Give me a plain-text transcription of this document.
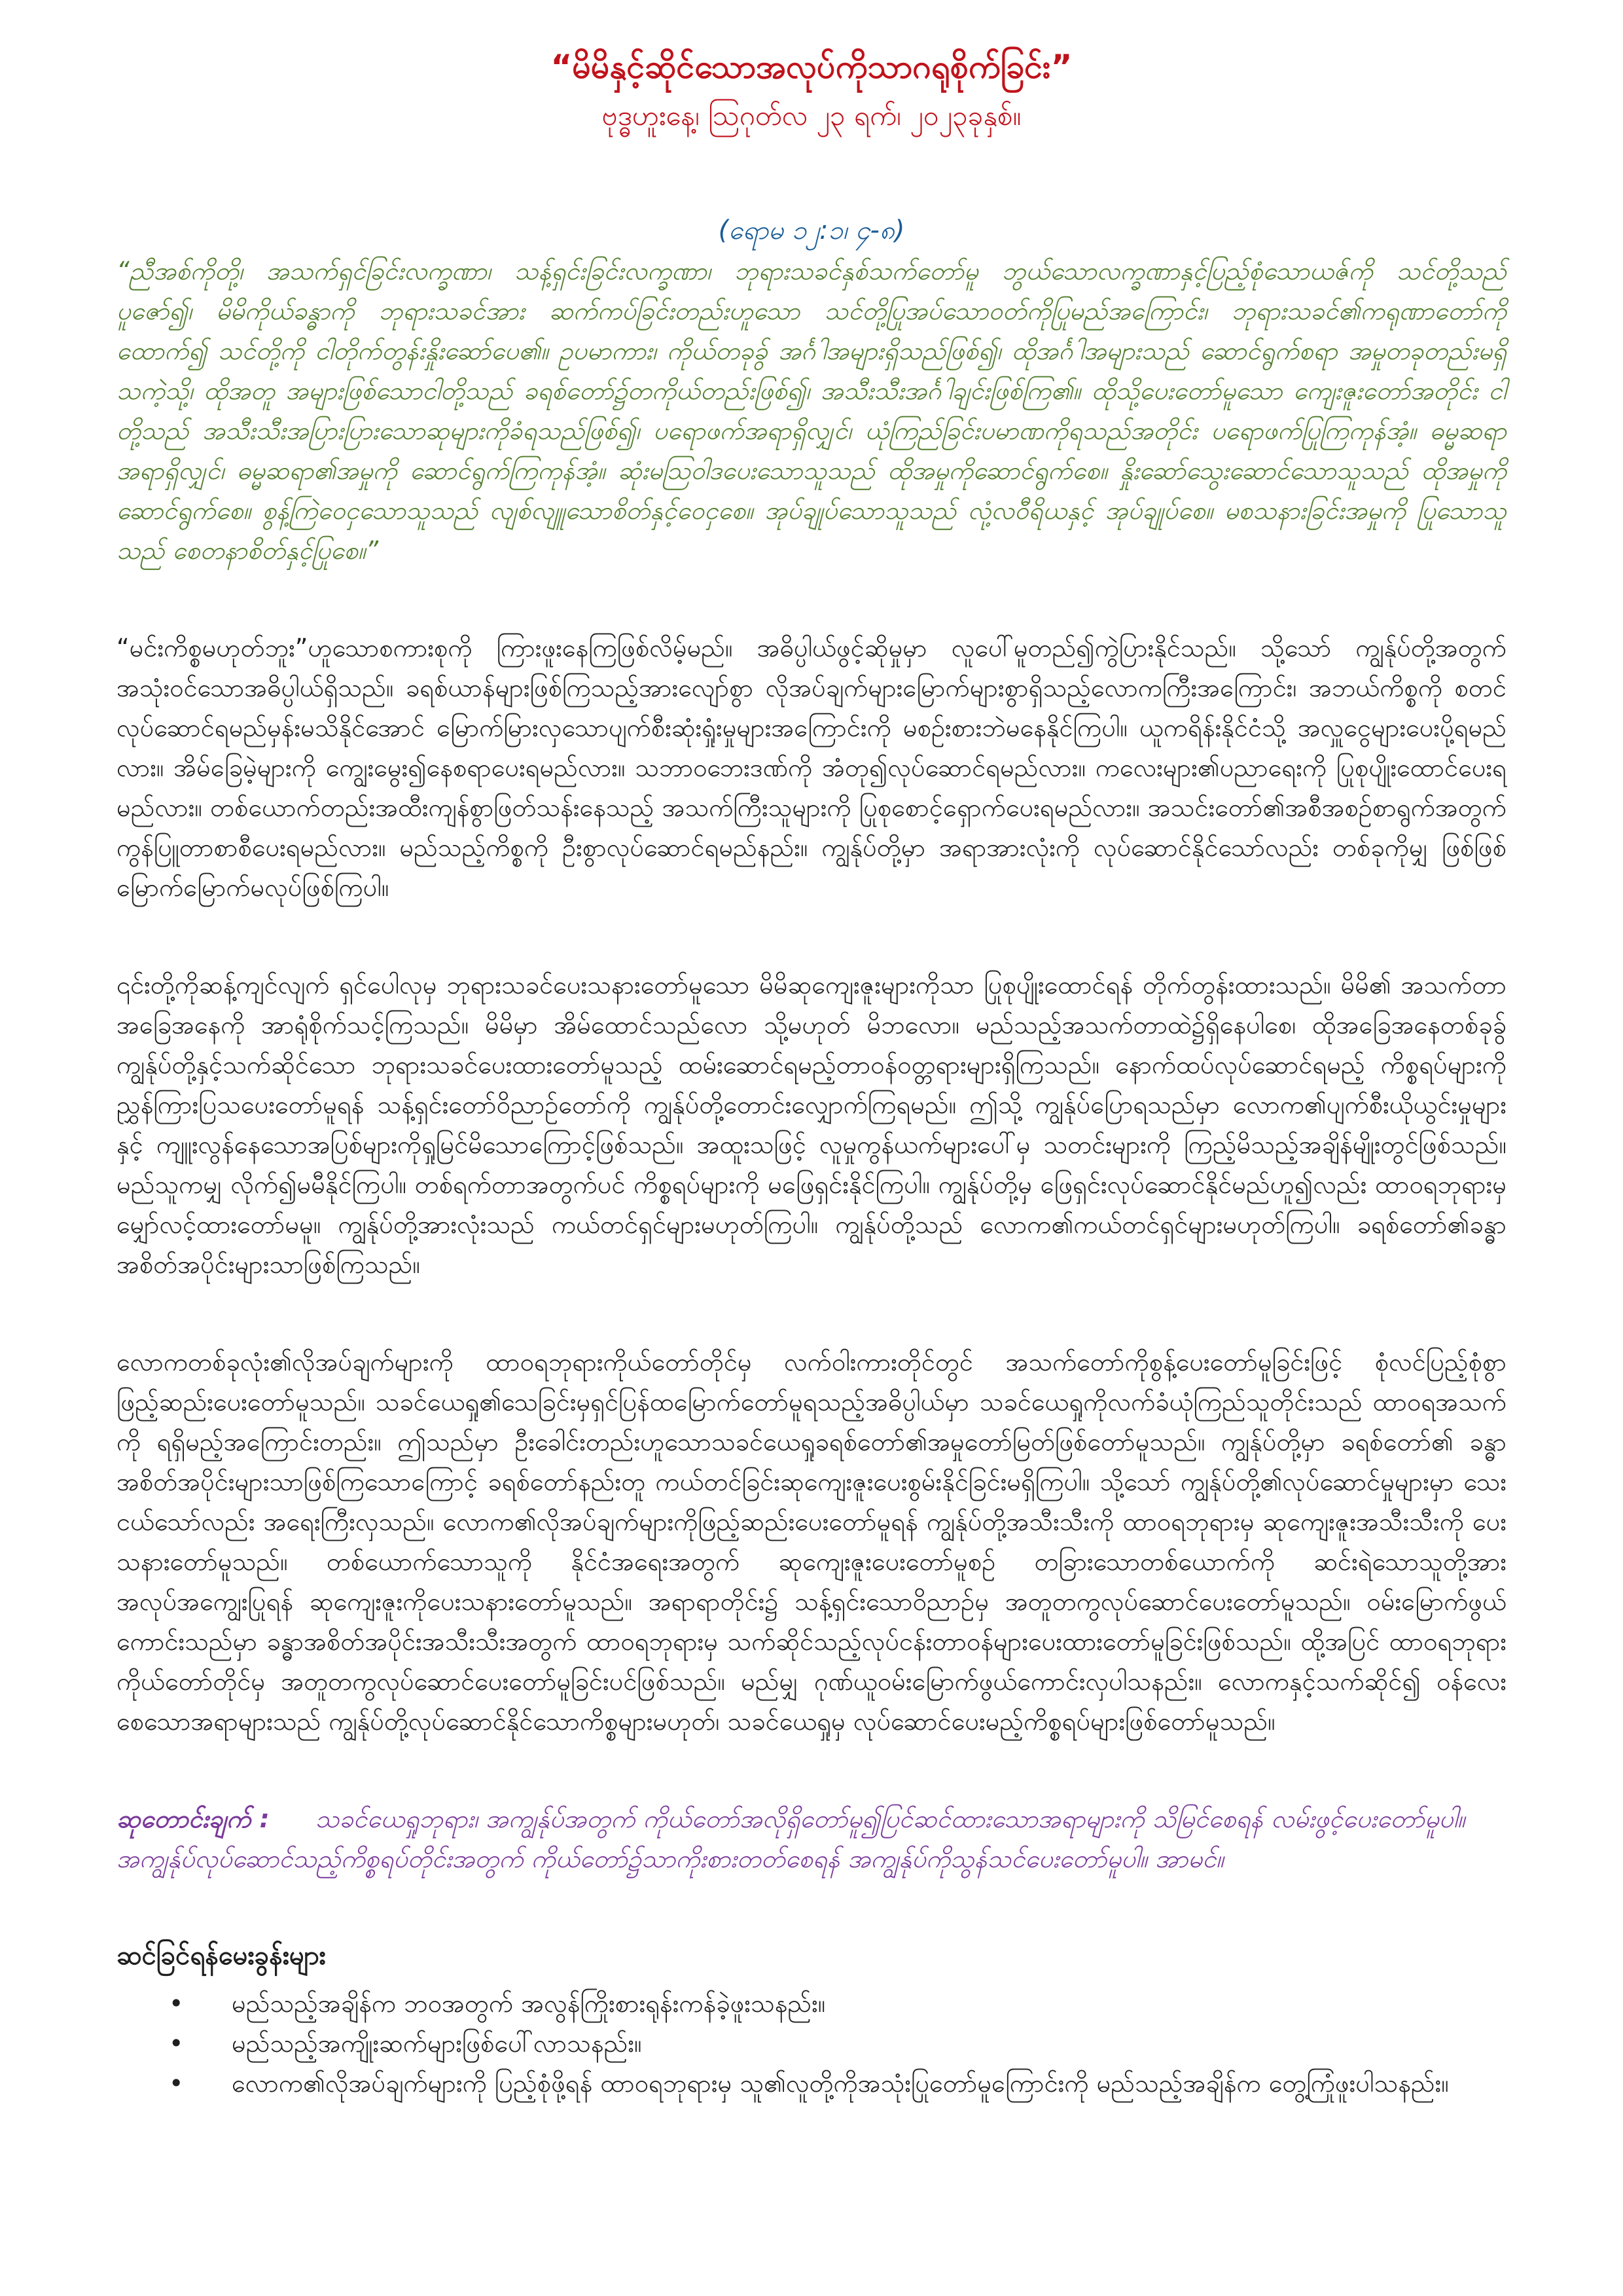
“မိမိနှင့်ဆိုင်သောအလုပ်ကိုသာဂရုစိုက်ခြင်း”

ဗုဒ္ဓဟူးနေ့၊ ဩဂုတ်လ ၂၃ ရက်၊ ၂၀၂၃ခုနှစ်။

(ရောမ ၁၂:၁၊ ၄-၈)

“ညီအစ်ကိုတို့၊ အသက်ရှင်ခြင်းလက္ခဏာ၊ သန့်ရှင်းခြင်းလက္ခဏာ၊ ဘုရားသခင်နှစ်သက်တော်မူ ဘွယ်သောလက္ခဏာနှင့်ပြည့်စုံသောယဇ်ကို သင်တို့သည် ပူဇော်၍၊ မိမိကိုယ်ခန္ဓာကို ဘုရားသခင်အား ဆက်ကပ်ခြင်းတည်းဟူသော သင်တို့ပြုအပ်သောဝတ်ကိုပြုမည်အကြောင်း၊ ဘုရားသခင်၏ကရုဏာတော်ကိုထောက်၍ သင်တို့ကို ငါတိုက်တွန်းနှိုးဆော်ပေ၏။ ဥပမာကား၊ ကိုယ်တခုခွ် အင်္ဂါအများရှိသည်ဖြစ်၍၊ ထိုအင်္ဂါအများသည် ဆောင်ရွက်စရာ အမှုတခုတည်းမရှိသကဲ့သို့၊ ထိုအတူ အများဖြစ်သောငါတို့သည် ခရစ်တော်၌တကိုယ်တည်းဖြစ်၍၊ အသီးသီးအင်္ဂါချင်းဖြစ်ကြ၏။ ထိုသို့ပေးတော်မူသော ကျေးဇူးတော်အတိုင်း ငါတို့သည် အသီးသီးအပြားပြားသောဆုများကိုခံရသည်ဖြစ်၍၊ ပရောဖက်အရာရှိလျှင်၊ ယုံကြည်ခြင်းပမာဏကိုရသည်အတိုင်း ပရောဖက်ပြုကြကုန်အံ့။ ဓမ္မဆရာအရာရှိလျှင်၊ ဓမ္မဆရာ၏အမှုကို ဆောင်ရွက်ကြကုန်အံ့။ ဆုံးမဩဝါဒပေးသောသူသည် ထိုအမှုကိုဆောင်ရွက်စေ။ နှိုးဆော်သွေးဆောင်သောသူသည် ထိုအမှုကို ဆောင်ရွက်စေ။ စွန့်ကြဲဝေငှသောသူသည် လျစ်လျူသောစိတ်နှင့်ဝေငှစေ။ အုပ်ချုပ်သောသူသည် လုံ့လဝီရိယနှင့် အုပ်ချုပ်စေ။ မစသနားခြင်းအမှုကို ပြုသောသူသည် စေတနာစိတ်နှင့်ပြုစေ။”

“မင်းကိစ္စမဟုတ်ဘူး”ဟူသောစကားစုကို ကြားဖူးနေကြဖြစ်လိမ့်မည်။ အဓိပ္ပါယ်ဖွင့်ဆိုမှုမှာ လူပေါ်မူတည်၍ကွဲပြားနိုင်သည်။ သို့သော် ကျွန်ုပ်တို့အတွက် အသုံးဝင်သောအဓိပ္ပါယ်ရှိသည်။ ခရစ်ယာန်များဖြစ်ကြသည့်အားလျော်စွာ လိုအပ်ချက်များမြောက်များစွာရှိသည့်လောကကြီးအကြောင်း၊ အဘယ်ကိစ္စကို စတင်လုပ်ဆောင်ရမည်မှန်းမသိနိုင်အောင် မြောက်မြားလှသောပျက်စီးဆုံးရှုံးမှုများအကြောင်းကို မစဉ်းစားဘဲမနေနိုင်ကြပါ။ ယူကရိန်းနိုင်ငံသို့ အလှူငွေများပေးပို့ရမည်လား။ အိမ်ခြေမဲ့များကို ကျွေးမွေး၍နေစရာပေးရမည်လား။ သဘာဝဘေးဒဏ်ကို အံတု၍လုပ်ဆောင်ရမည်လား။ ကလေးများ၏ပညာရေးကို ပြုစုပျိုးထောင်ပေးရမည်လား။ တစ်ယောက်တည်းအထီးကျန်စွာဖြတ်သန်းနေသည့် အသက်ကြီးသူများကို ပြုစုစောင့်ရှောက်ပေးရမည်လား။ အသင်းတော်၏အစီအစဉ်စာရွက်အတွက် ကွန်ပြူတာစာစီပေးရမည်လား။ မည်သည့်ကိစ္စကို ဦးစွာလုပ်ဆောင်ရမည်နည်း။ ကျွန်ုပ်တို့မှာ အရာအားလုံးကို လုပ်ဆောင်နိုင်သော်လည်း တစ်ခုကိုမျှ ဖြစ်ဖြစ်မြောက်မြောက်မလုပ်ဖြစ်ကြပါ။

၎င်းတို့ကိုဆန့်ကျင်လျက် ရှင်ပေါလုမှ ဘုရားသခင်ပေးသနားတော်မူသော မိမိဆုကျေးဇူးများကိုသာ ပြုစုပျိုးထောင်ရန် တိုက်တွန်းထားသည်။ မိမိ၏ အသက်တာအခြေအနေကို အာရုံစိုက်သင့်ကြသည်။ မိမိမှာ အိမ်ထောင်သည်လော သို့မဟုတ် မိဘလော။ မည်သည့်အသက်တာထဲ၌ရှိနေပါစေ၊ ထိုအခြေအနေတစ်ခုခွ် ကျွန်ုပ်တို့နှင့်သက်ဆိုင်သော ဘုရားသခင်ပေးထားတော်မူသည့် ထမ်းဆောင်ရမည့်တာဝန်ဝတ္တရားများရှိကြသည်။ နောက်ထပ်လုပ်ဆောင်ရမည့် ကိစ္စရပ်များကို ညွှန်ကြားပြသပေးတော်မူရန် သန့်ရှင်းတော်ဝိညာဉ်တော်ကို ကျွန်ုပ်တို့တောင်းလျှောက်ကြရမည်။ ဤသို့ ကျွန်ုပ်ပြောရသည်မှာ လောက၏ပျက်စီးယိုယွင်းမှုများနှင့် ကျူးလွန်နေသောအပြစ်များကိုရှုမြင်မိသောကြောင့်ဖြစ်သည်။ အထူးသဖြင့် လူမှုကွန်ယက်များပေါ်မှ သတင်းများကို ကြည့်မိသည့်အချိန်မျိုးတွင်ဖြစ်သည်။ မည်သူကမျှ လိုက်၍မမီနိုင်ကြပါ။ တစ်ရက်တာအတွက်ပင် ကိစ္စရပ်များကို မဖြေရှင်းနိုင်ကြပါ။ ကျွန်ုပ်တို့မှ ဖြေရှင်းလုပ်ဆောင်နိုင်မည်ဟူ၍လည်း ထာဝရဘုရားမှမျှော်လင့်ထားတော်မမူ။ ကျွန်ုပ်တို့အားလုံးသည် ကယ်တင်ရှင်များမဟုတ်ကြပါ။ ကျွန်ုပ်တို့သည် လောက၏ကယ်တင်ရှင်များမဟုတ်ကြပါ။ ခရစ်တော်၏ခန္ဓာအစိတ်အပိုင်းများသာဖြစ်ကြသည်။

လောကတစ်ခုလုံး၏လိုအပ်ချက်များကို ထာဝရဘုရားကိုယ်တော်တိုင်မှ လက်ဝါးကားတိုင်တွင် အသက်တော်ကိုစွန့်ပေးတော်မူခြင်းဖြင့် စုံလင်ပြည့်စုံစွာ ဖြည့်ဆည်းပေးတော်မူသည်။ သခင်ယေရှု၏သေခြင်းမှရှင်ပြန်ထမြောက်တော်မူရသည့်အဓိပ္ပါယ်မှာ သခင်ယေရှုကိုလက်ခံယုံကြည်သူတိုင်းသည် ထာဝရအသက်ကို ရရှိမည့်အကြောင်းတည်း။ ဤသည်မှာ ဦးခေါင်းတည်းဟူသောသခင်ယေရှုခရစ်တော်၏အမှုတော်မြတ်ဖြစ်တော်မူသည်။ ကျွန်ုပ်တို့မှာ ခရစ်တော်၏ ခန္ဓာအစိတ်အပိုင်းများသာဖြစ်ကြသောကြောင့် ခရစ်တော်နည်းတူ ကယ်တင်ခြင်းဆုကျေးဇူးပေးစွမ်းနိုင်ခြင်းမရှိကြပါ။ သို့သော် ကျွန်ုပ်တို့၏လုပ်ဆောင်မှုများမှာ သေးငယ်သော်လည်း အရေးကြီးလှသည်။ လောက၏လိုအပ်ချက်များကိုဖြည့်ဆည်းပေးတော်မူရန် ကျွန်ုပ်တို့အသီးသီးကို ထာဝရဘုရားမှ ဆုကျေးဇူးအသီးသီးကို ပေးသနားတော်မူသည်။ တစ်ယောက်သောသူကို နိုင်ငံအရေးအတွက် ဆုကျေးဇူးပေးတော်မူစဉ် တခြားသောတစ်ယောက်ကို ဆင်းရဲသောသူတို့အား အလုပ်အကျွေးပြုရန် ဆုကျေးဇူးကိုပေးသနားတော်မူသည်။ အရာရာတိုင်း၌ သန့်ရှင်းသောဝိညာဉ်မှ အတူတကွလုပ်ဆောင်ပေးတော်မူသည်။ ဝမ်းမြောက်ဖွယ်ကောင်းသည်မှာ ခန္ဓာအစိတ်အပိုင်းအသီးသီးအတွက် ထာဝရဘုရားမှ သက်ဆိုင်သည့်လုပ်ငန်းတာဝန်များပေးထားတော်မူခြင်းဖြစ်သည်။ ထို့အပြင် ထာဝရဘုရားကိုယ်တော်တိုင်မှ အတူတကွလုပ်ဆောင်ပေးတော်မူခြင်းပင်ဖြစ်သည်။ မည်မျှ ဂုဏ်ယူဝမ်းမြောက်ဖွယ်ကောင်းလှပါသနည်း။ လောကနှင့်သက်ဆိုင်၍ ဝန်လေးစေသောအရာများသည် ကျွန်ုပ်တို့လုပ်ဆောင်နိုင်သောကိစ္စများမဟုတ်၊ သခင်ယေရှုမှ လုပ်ဆောင်ပေးမည့်ကိစ္စရပ်များဖြစ်တော်မူသည်။

ဆုတောင်းချက် : သခင်ယေရှုဘုရား၊ အကျွန်ုပ်အတွက် ကိုယ်တော်အလိုရှိတော်မူ၍ပြင်ဆင်ထားသောအရာများကို သိမြင်စေရန် လမ်းဖွင့်ပေးတော်မူပါ။ အကျွန်ုပ်လုပ်ဆောင်သည့်ကိစ္စရပ်တိုင်းအတွက် ကိုယ်တော်၌သာကိုးစားတတ်စေရန် အကျွန်ုပ်ကိုသွန်သင်ပေးတော်မူပါ။ အာမင်။

ဆင်ခြင်ရန်မေးခွန်းများ
• မည်သည့်အချိန်က ဘဝအတွက် အလွန်ကြိုးစားရုန်းကန်ခဲ့ဖူးသနည်း။
• မည်သည့်အကျိုးဆက်များဖြစ်ပေါ်လာသနည်း။
• လောက၏လိုအပ်ချက်များကို ပြည့်စုံဖို့ရန် ထာဝရဘုရားမှ သူ၏လူတို့ကိုအသုံးပြုတော်မူကြောင်းကို မည်သည့်အချိန်က တွေ့ကြုံဖူးပါသနည်း။
